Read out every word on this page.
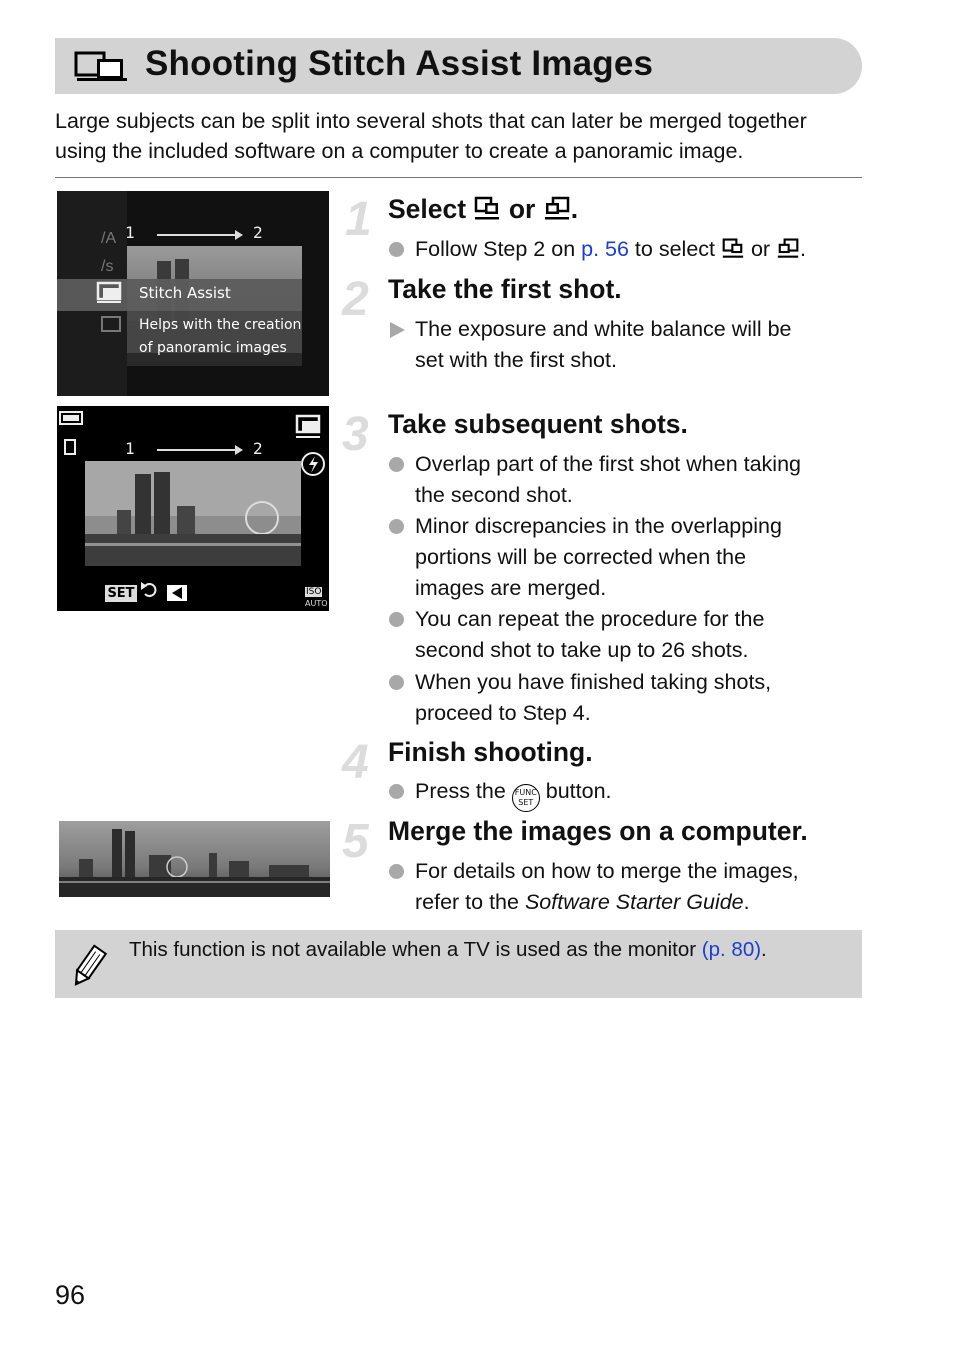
Shooting Stitch Assist Images
Large subjects can be split into several shots that can later be merged together
using the included software on a computer to create a panoramic image.
/A
/s
1	2
Stitch Assist
Helps with the creation
of panoramic images
1	2
SET	ISO
AUTO
1 Select or .
Follow Step 2 on p. 56 to select  or .
2 Take the first shot.
The exposure and white balance will be
set with the first shot.
3 Take subsequent shots.
Overlap part of the first shot when taking
the second shot.
Minor discrepancies in the overlapping
portions will be corrected when the
images are merged.
You can repeat the procedure for the
second shot to take up to 26 shots.
When you have finished taking shots,
proceed to Step 4.
4 Finish shooting.
Press the FUNC
SET button.
5 Merge the images on a computer.
For details on how to merge the images,
refer to the Software Starter Guide.
This function is not available when a TV is used as the monitor (p. 80).
96
